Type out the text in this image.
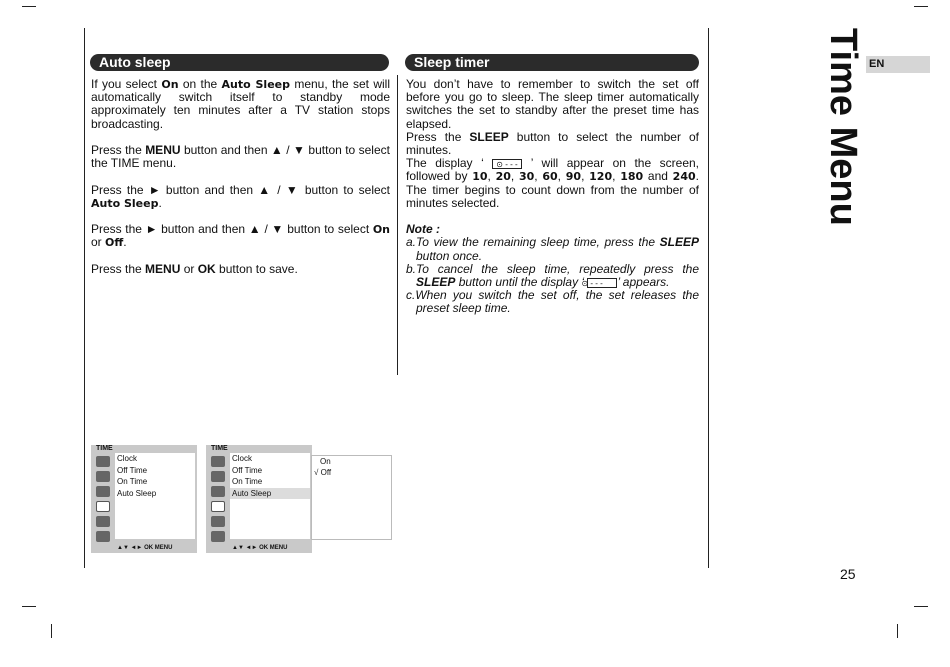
Time Menu EN
25
Auto sleep

If you select On on the Auto Sleep menu, the set will automatically switch itself to standby mode approximately ten minutes after a TV station stops broadcasting.

Press the MENU button and then ▲ / ▼ button to select the TIME menu.

Press the ► button and then ▲ / ▼ button to select Auto Sleep.

Press the ► button and then ▲ / ▼ button to select On or Off.

Press the MENU or OK button to save.

Sleep timer

You don’t have to remember to switch the set off before you go to sleep. The sleep timer automatically switches the set to standby after the preset time has elapsed.

Press the SLEEP button to select the number of minutes.

The display ‘ ⊙ - - - ’ will appear on the screen, followed by 10, 20, 30, 60, 90, 120, 180 and 240. The timer begins to count down from the number of minutes selected.

Note :

a.To view the remaining sleep time, press the SLEEP button once.

b.To cancel the sleep time, repeatedly press the SLEEP button until the display ‘ ⊙ - - - ’ appears.

c.When you switch the set off, the set releases the preset sleep time.

TIME
Clock
Off Time
On Time
Auto Sleep
▲▼ ◄► OK MENU
TIME
Clock
Off Time
On Time
Auto Sleep
▲▼ ◄► OK MENU
On
√ Off
